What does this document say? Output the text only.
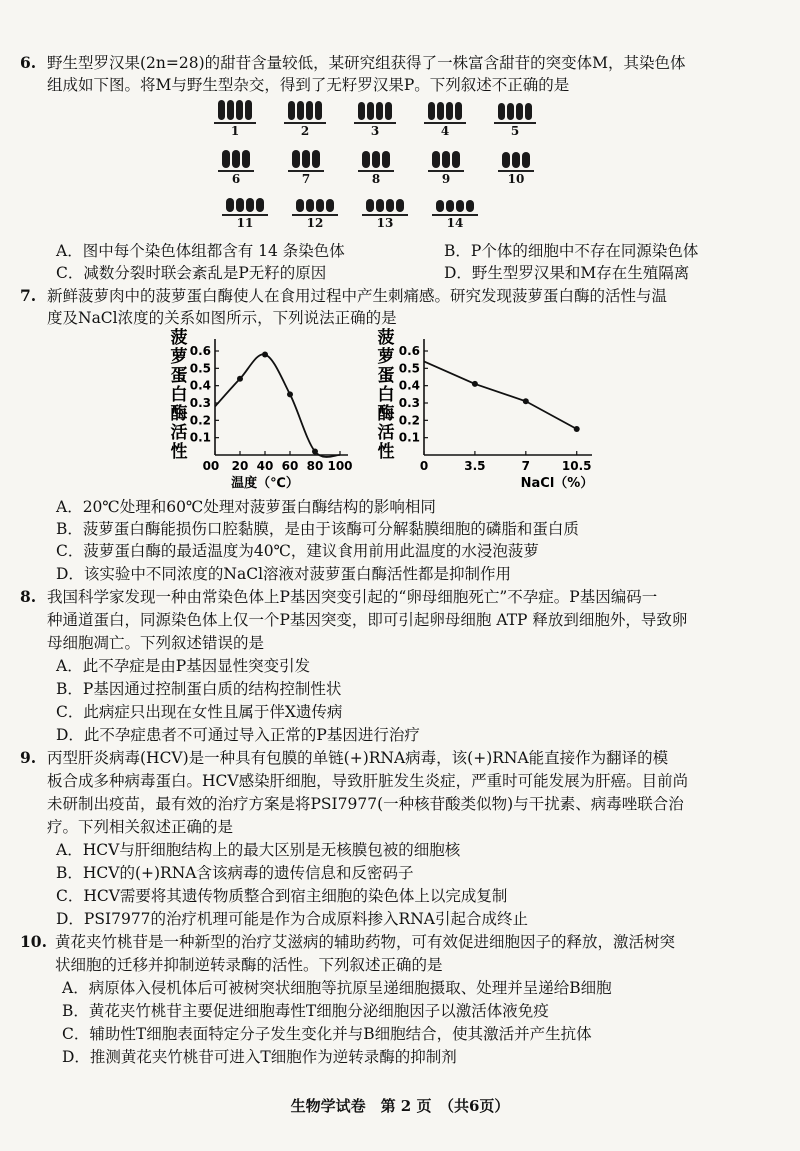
6. 野生型罗汉果(2n=28)的甜苷含量较低，某研究组获得了一株富含甜苷的突变体M，其染色体
组成如下图。将M与野生型杂交，得到了无籽罗汉果P。下列叙述不正确的是
1	2	3	4	5
6	7	8	9	10
11	12	13	14
A．图中每个染色体组都含有 14 条染色体	B．P个体的细胞中不存在同源染色体
C．减数分裂时联会紊乱是P无籽的原因	D．野生型罗汉果和M存在生殖隔离
7. 新鲜菠萝肉中的菠萝蛋白酶使人在食用过程中产生刺痛感。研究发现菠萝蛋白酶的活性与温
度及NaCl浓度的关系如图所示，下列说法正确的是
菠
萝
蛋
白
酶
活
性
0.1
0.2
0.3
0.4
0.5
0.6
0 20 40 60 80 100
温度（℃）
0
菠
萝
蛋
白
酶
活
性
0.1
0.2
0.3
0.4
0.5
0.6
0	3.5	7	10.5
NaCl（%）
A．20℃处理和60℃处理对菠萝蛋白酶结构的影响相同
B．菠萝蛋白酶能损伤口腔黏膜，是由于该酶可分解黏膜细胞的磷脂和蛋白质
C．菠萝蛋白酶的最适温度为40℃，建议食用前用此温度的水浸泡菠萝
D．该实验中不同浓度的NaCl溶液对菠萝蛋白酶活性都是抑制作用
8. 我国科学家发现一种由常染色体上P基因突变引起的“卵母细胞死亡”不孕症。P基因编码一
种通道蛋白，同源染色体上仅一个P基因突变，即可引起卵母细胞 ATP 释放到细胞外，导致卵
母细胞凋亡。下列叙述错误的是
A．此不孕症是由P基因显性突变引发
B．P基因通过控制蛋白质的结构控制性状
C．此病症只出现在女性且属于伴X遗传病
D．此不孕症患者不可通过导入正常的P基因进行治疗
9. 丙型肝炎病毒(HCV)是一种具有包膜的单链(+)RNA病毒，该(+)RNA能直接作为翻译的模
板合成多种病毒蛋白。HCV感染肝细胞，导致肝脏发生炎症，严重时可能发展为肝癌。目前尚
未研制出疫苗，最有效的治疗方案是将PSI7977(一种核苷酸类似物)与干扰素、病毒唑联合治
疗。下列相关叙述正确的是
A．HCV与肝细胞结构上的最大区别是无核膜包被的细胞核
B．HCV的(+)RNA含该病毒的遗传信息和反密码子
C．HCV需要将其遗传物质整合到宿主细胞的染色体上以完成复制
D．PSI7977的治疗机理可能是作为合成原料掺入RNA引起合成终止
10. 黄花夹竹桃苷是一种新型的治疗艾滋病的辅助药物，可有效促进细胞因子的释放，激活树突
状细胞的迁移并抑制逆转录酶的活性。下列叙述正确的是
A．病原体入侵机体后可被树突状细胞等抗原呈递细胞摄取、处理并呈递给B细胞
B．黄花夹竹桃苷主要促进细胞毒性T细胞分泌细胞因子以激活体液免疫
C．辅助性T细胞表面特定分子发生变化并与B细胞结合，使其激活并产生抗体
D．推测黄花夹竹桃苷可进入T细胞作为逆转录酶的抑制剂
生物学试卷　第 2 页　（共6页）
